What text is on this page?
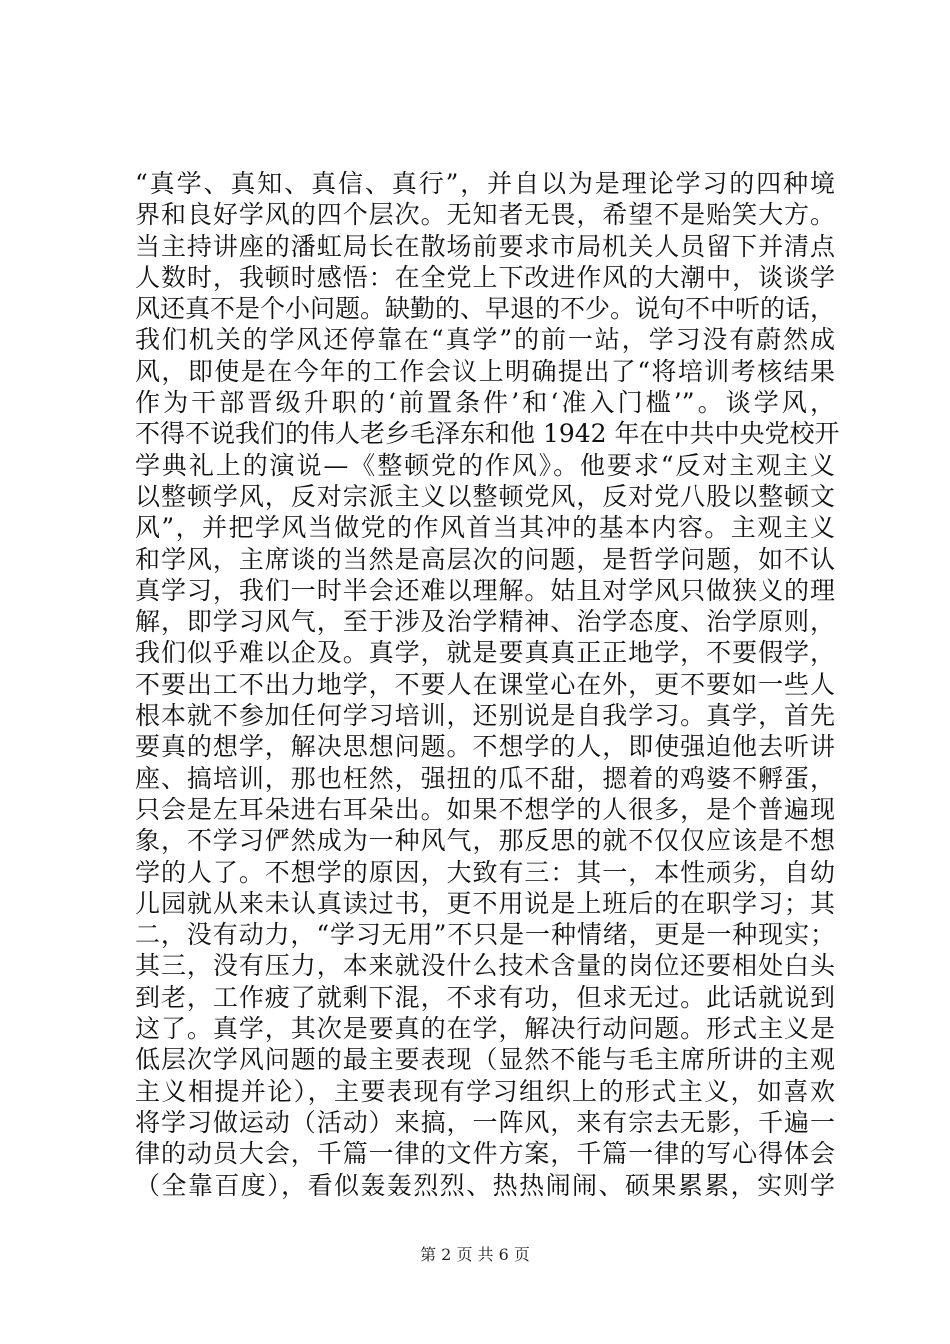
“真学、真知、真信、真行”，并自以为是理论学习的四种境
界和良好学风的四个层次。无知者无畏，希望不是贻笑大方。
当主持讲座的潘虹局长在散场前要求市局机关人员留下并清点
人数时，我顿时感悟：在全党上下改进作风的大潮中，谈谈学
风还真不是个小问题。缺勤的、早退的不少。说句不中听的话，
我们机关的学风还停靠在“真学”的前一站，学习没有蔚然成
风，即使是在今年的工作会议上明确提出了“将培训考核结果
作为干部晋级升职的‘前置条件’和‘准入门槛’”。谈学风，
不得不说我们的伟人老乡毛泽东和他 1942 年在中共中央党校开
学典礼上的演说—《整顿党的作风》。他要求“反对主观主义
以整顿学风，反对宗派主义以整顿党风，反对党八股以整顿文
风”，并把学风当做党的作风首当其冲的基本内容。主观主义
和学风，主席谈的当然是高层次的问题，是哲学问题，如不认
真学习，我们一时半会还难以理解。姑且对学风只做狭义的理
解，即学习风气，至于涉及治学精神、治学态度、治学原则，
我们似乎难以企及。真学，就是要真真正正地学，不要假学，
不要出工不出力地学，不要人在课堂心在外，更不要如一些人
根本就不参加任何学习培训，还别说是自我学习。真学，首先
要真的想学，解决思想问题。不想学的人，即使强迫他去听讲
座、搞培训，那也枉然，强扭的瓜不甜，摁着的鸡婆不孵蛋，
只会是左耳朵进右耳朵出。如果不想学的人很多，是个普遍现
象，不学习俨然成为一种风气，那反思的就不仅仅应该是不想
学的人了。不想学的原因，大致有三：其一，本性顽劣，自幼
儿园就从来未认真读过书，更不用说是上班后的在职学习；其
二，没有动力，“学习无用”不只是一种情绪，更是一种现实；
其三，没有压力，本来就没什么技术含量的岗位还要相处白头
到老，工作疲了就剩下混，不求有功，但求无过。此话就说到
这了。真学，其次是要真的在学，解决行动问题。形式主义是
低层次学风问题的最主要表现（显然不能与毛主席所讲的主观
主义相提并论），主要表现有学习组织上的形式主义，如喜欢
将学习做运动（活动）来搞，一阵风，来有宗去无影，千遍一
律的动员大会，千篇一律的文件方案，千篇一律的写心得体会
（全靠百度），看似轰轰烈烈、热热闹闹、硕果累累，实则学
第 2 页 共 6 页
